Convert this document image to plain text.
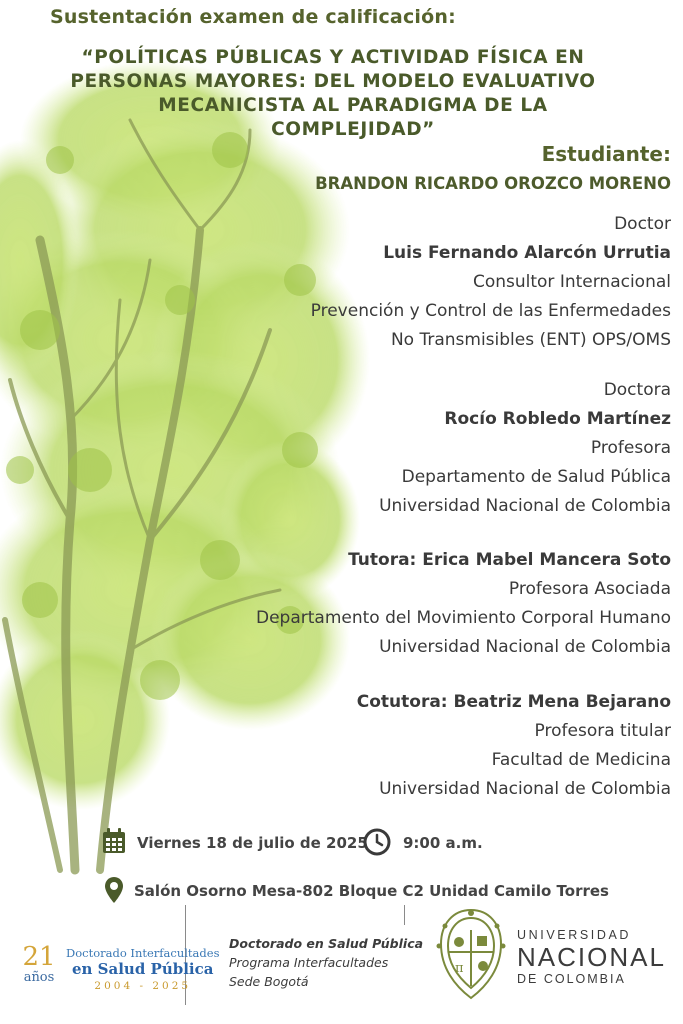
Sustentación examen de calificación:
“POLÍTICAS PÚBLICAS Y ACTIVIDAD FÍSICA EN
PERSONAS MAYORES: DEL MODELO EVALUATIVO
MECANICISTA AL PARADIGMA DE LA
COMPLEJIDAD”
Estudiante:
BRANDON RICARDO OROZCO MORENO
Doctor
Luis Fernando Alarcón Urrutia
Consultor Internacional
Prevención y Control de las Enfermedades
No Transmisibles (ENT) OPS/OMS
Doctora
Rocío Robledo Martínez
Profesora
Departamento de Salud Pública
Universidad Nacional de Colombia
Tutora: Erica Mabel Mancera Soto
Profesora Asociada
Departamento del Movimiento Corporal Humano
Universidad Nacional de Colombia
Cotutora: Beatriz Mena Bejarano
Profesora titular
Facultad de Medicina
Universidad Nacional de Colombia
Viernes 18 de julio de 2025 9:00 a.m.
Salón Osorno Mesa-802 Bloque C2 Unidad Camilo Torres
21
años
Doctorado Interfacultades
en Salud Pública
2004 - 2025
Doctorado en Salud Pública
Programa Interfacultades
Sede Bogotá
π
UNIVERSIDAD
NACIONAL
DE COLOMBIA
